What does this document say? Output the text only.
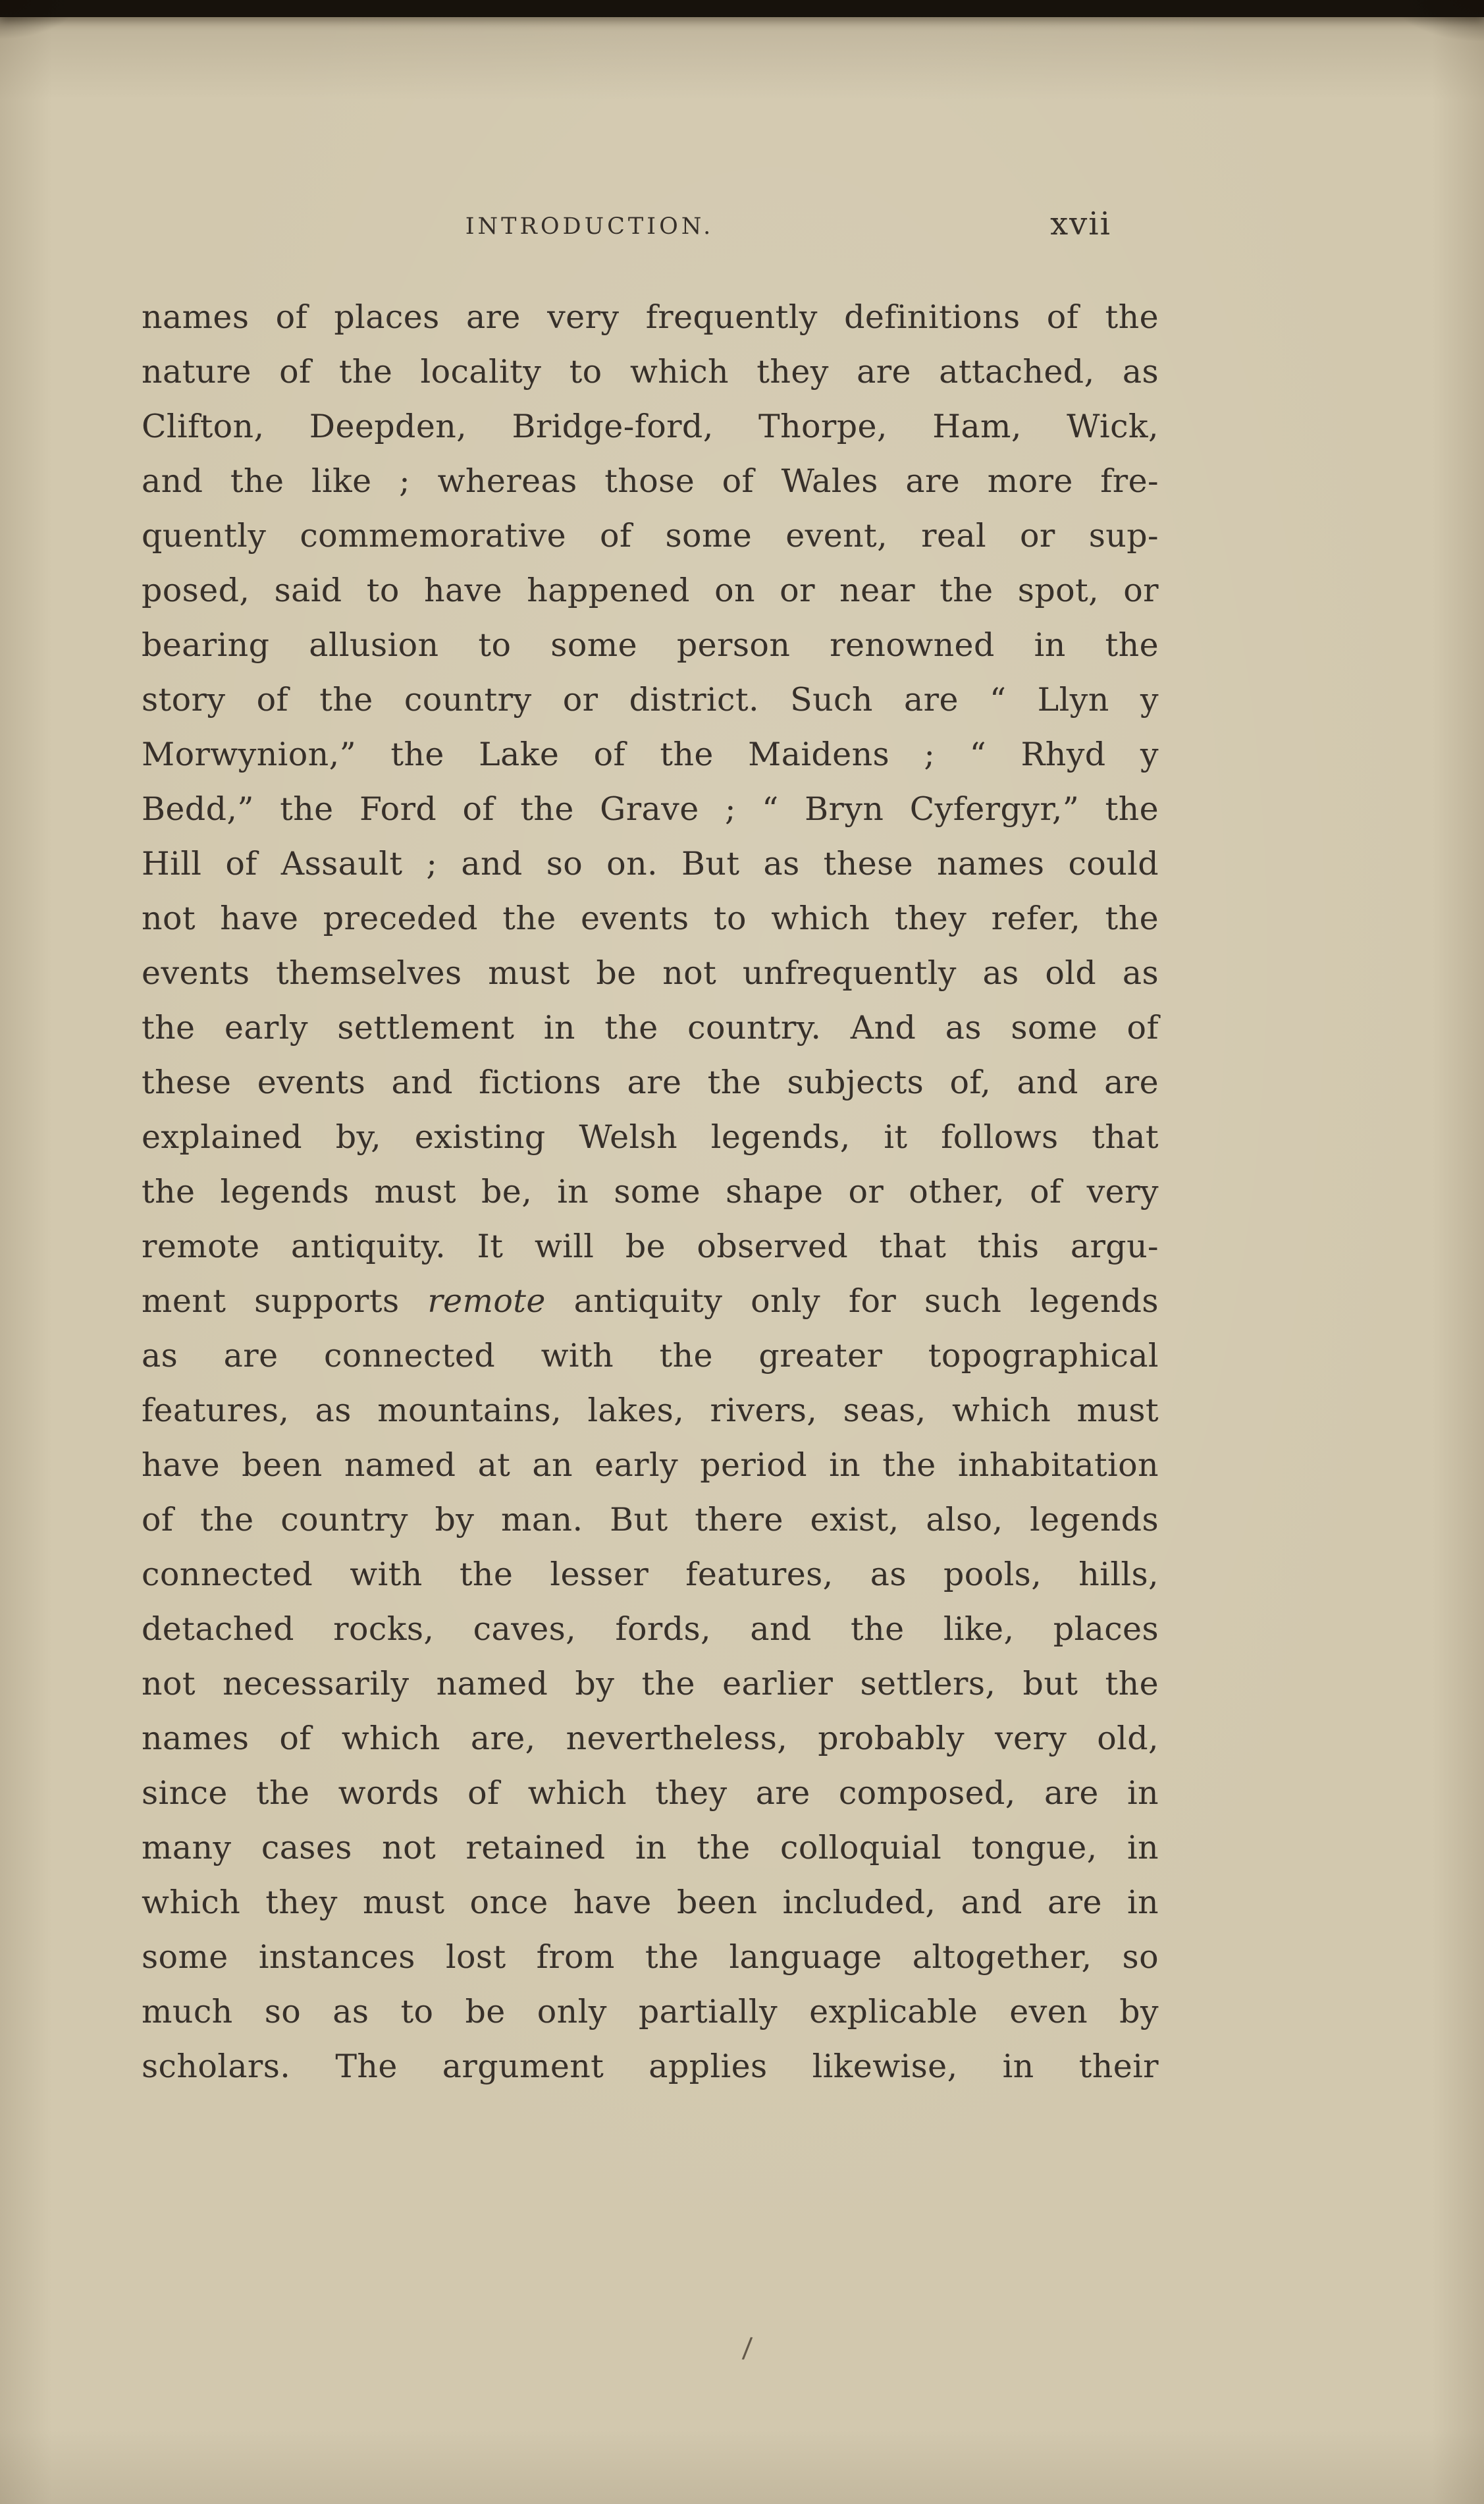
INTRODUCTION.	xvii
names of places are very frequently definitions of the
nature of the locality to which they are attached, as
Clifton, Deepden, Bridge-ford, Thorpe, Ham, Wick,
and the like ; whereas those of Wales are more fre-
quently commemorative of some event, real or sup-
posed, said to have happened on or near the spot, or
bearing allusion to some person renowned in the
story of the country or district. Such are “ Llyn y
Morwynion,” the Lake of the Maidens ; “ Rhyd y
Bedd,” the Ford of the Grave ; “ Bryn Cyfergyr,” the
Hill of Assault ; and so on. But as these names could
not have preceded the events to which they refer, the
events themselves must be not unfrequently as old as
the early settlement in the country. And as some of
these events and fictions are the subjects of, and are
explained by, existing Welsh legends, it follows that
the legends must be, in some shape or other, of very
remote antiquity. It will be observed that this argu-
ment supports remote antiquity only for such legends
as are connected with the greater topographical
features, as mountains, lakes, rivers, seas, which must
have been named at an early period in the inhabitation
of the country by man. But there exist, also, legends
connected with the lesser features, as pools, hills,
detached rocks, caves, fords, and the like, places
not necessarily named by the earlier settlers, but the
names of which are, nevertheless, probably very old,
since the words of which they are composed, are in
many cases not retained in the colloquial tongue, in
which they must once have been included, and are in
some instances lost from the language altogether, so
much so as to be only partially explicable even by
scholars. The argument applies likewise, in their
/
